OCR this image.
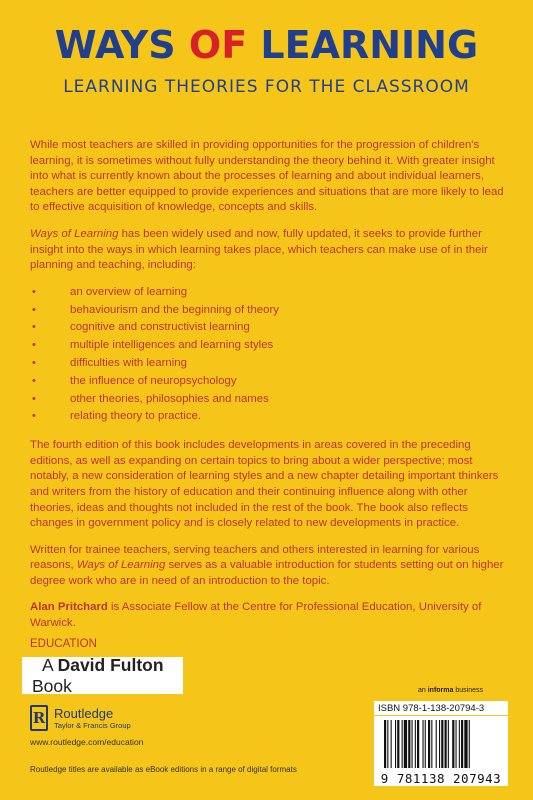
WAYS OF LEARNING
LEARNING THEORIES FOR THE CLASSROOM

While most teachers are skilled in providing opportunities for the progression of children's learning, it is sometimes without fully understanding the theory behind it. With greater insight into what is currently known about the processes of learning and about individual learners, teachers are better equipped to provide experiences and situations that are more likely to lead to effective acquisition of knowledge, concepts and skills.

Ways of Learning has been widely used and now, fully updated, it seeks to provide further insight into the ways in which learning takes place, which teachers can make use of in their planning and teaching, including:

•	an overview of learning
•	behaviourism and the beginning of theory
•	cognitive and constructivist learning
•	multiple intelligences and learning styles
•	difficulties with learning
•	the influence of neuropsychology
•	other theories, philosophies and names
•	relating theory to practice.

The fourth edition of this book includes developments in areas covered in the preceding editions, as well as expanding on certain topics to bring about a wider perspective; most notably, a new consideration of learning styles and a new chapter detailing important thinkers and writers from the history of education and their continuing influence along with other theories, ideas and thoughts not included in the rest of the book. The book also reflects changes in government policy and is closely related to new developments in practice.

Written for trainee teachers, serving teachers and others interested in learning for various reasons, Ways of Learning serves as a valuable introduction for students setting out on higher degree work who are in need of an introduction to the topic.

Alan Pritchard is Associate Fellow at the Centre for Professional Education, University of Warwick.

EDUCATION
A David Fulton Book
R Routledge
Taylor & Francis Group
www.routledge.com/education
Routledge titles are available as eBook editions in a range of digital formats
an informa business
ISBN 978-1-138-20794-3
9 781138 207943
